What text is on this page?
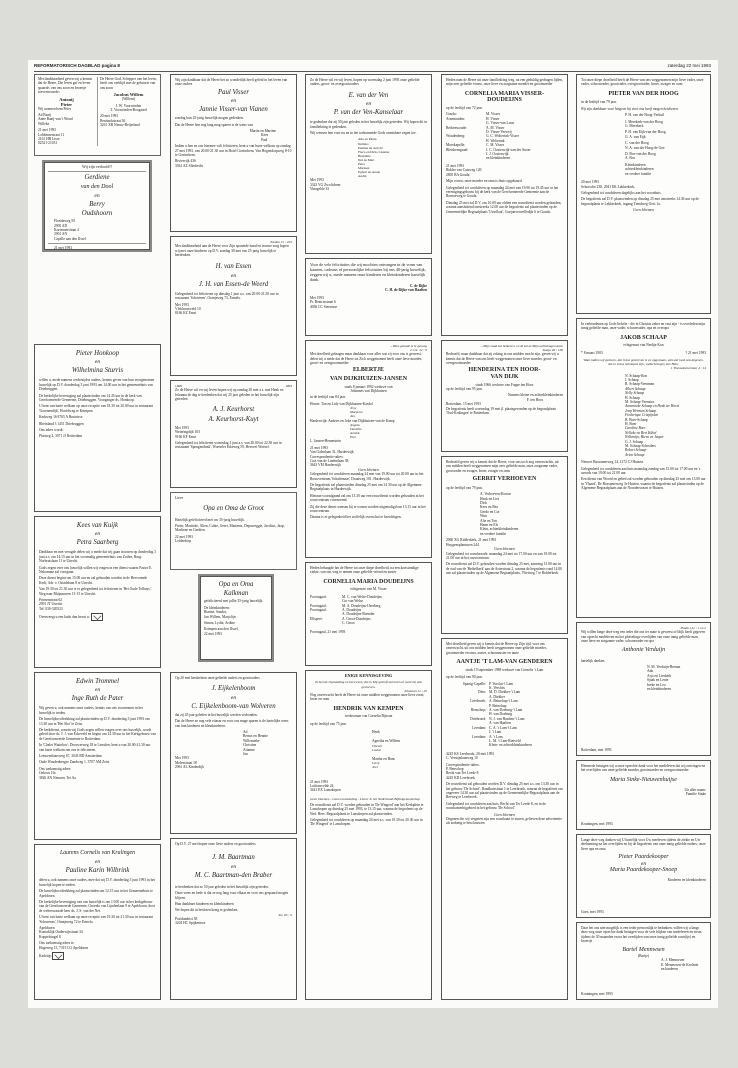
REFORMATORISCH DAGBLAD pagina 8	zaterdag 22 mei 1993

Met dankbaarheid geven wij u kennis dat de Heere, Die leven gaf en leven spaarde, van ons zoon en broertje toevertrouwde:

Antonij
Pieter

Wij noemen hem Peter

Ad Baaij
Anne Baaij-van 't Woud
Willeke
21 mei 1993
Lobbensestraat 11
2161 HB Lisse
02521-21031

De Heere God, Schepper van het leven, heeft ons verblijd met de geboorte van ons zoon

Jacobus Willem
(Willem)
J. W. Voorwinden
T. Voorwinden-Boogaard
20 mei 1993
Bentinckstraat 36
3261 XB Nieuw-Beijerland
Wij zijn verloofd!!
Gerdiene
van den Dool
en
Berry
Oudshoorn
Floridaweg 59
2905 AD
Kortenaerstraat 4
2901 AN
Capelle aan den IJssel
21 mei 1993
Pieter Honkoop
en
Wilhelmina Sturris

willen u, mede namens wederzijdse ouders, kennis geven van hun voorgenomen huwelijk op D.V. donderdag 3 juni 1993 om 14.00 uur in het gemeentehuis van Driebruggen.

De kerkelijke bevestiging zal plaatsvinden om 14.45 uur in de kerk van Gereformeerde Gemeente, Driebruggen. Voorganger ds. Honkoop.

U bent van harte welkom op onze receptie van 18.30 tot 20.00 uur in restaurant 'Groenendijk', Hoofdweg te Krimpen.

Kerkweg 16 8765 A Bruinisse

Rheinland 3 1451 Driebruggen

Ons adres wordt:

Platweg 2, 3071 JJ Rotterdam

Kees van Kuijk
en
Petra Saarberg

Dankbaar en met vreugde delen wij u mede dat wij gaan trouwen op donderdag 3 juni a.s. om 14.15 uur in het voormalig gemeentehuis van Zuilen, Burg. Norbruislaan 11 te Utrecht.

Gods zegen over ons huwelijk willen wij vragen in een dienst waarin Pastor E. Nekomme zal voorgaan.

Deze dienst begint om 15.00 uur en zal gehouden worden in de Hervormde Kerk, Adr. v. Ostadelaan 8 te Utrecht.

Van 19.30 tot 21.30 uur is er gelegenheid tot feliciteren in 'Het Oude Tolhuys', Weg naar Rhijnauwen 13-15 te Utrecht.

Prinsenstraat 62
2991 JT Utrecht

Tel. 030-320523

Overweegt u een kado dan bevat u:
Edwin Trommel
en
Inge Ruth de Pater

Wij geven u, ook namens onze ouders, kennis van ons voornemen in het huwelijk te treden.

De huwelijksvoltrekking zal plaatsvinden op D.V. donderdag 3 juni 1993 om 13.30 uur in 'Het Slot' te Zeist.

De kerkdienst, waarin wij Gods zegen willen vragen over ons huwelijk, wordt geleid door ds. J. J. van Eckeveld en begint om 14.30 uur in het Kerkgebouw van de Gereformeerde Gemeente te Rotterdam.

In 'Chalet Wattelow', Doorwerweg 18 te Leusden, bent u van 20.00-21.30 uur van harte welkom om ons te feliciteren.

Leeuwenlaarsweg 67, 3043 BD Amsterdam

Oude Woudenbergse Zandweg 1, 3707 AM Zeist

Ons toekomstig adres:
Oekoos 16c
3826 AN Nieuwer Ter Aa
Laurens Cornelis van Kralingen
en
Pauline Karin Wilbrink

delen u, ook namens onze ouders, mee dat wij D.V. donderdag 3 juni 1993 in het huwelijk hopen te treden.

De huwelijksvoltrekking zal plaatsvinden om 12.15 uur in het Gemeentehuis te Apeldoorn.

De kerkelijke bevestiging van ons huwelijk is om 13.00 uur in het kerkgebouw van de Gereformeerde Gemeente, Groenlo van Lijndenlaan 9 te Apeldoorn, door de weleerwaarde heer ds. J. S. van der Net.

U bent van harte welkom op onze receptie van 19.30 tot 21.30 uur in restaurant 'Schavenes', Oranjeweg 72 te Ermelo.

Apeldoorn:
Koninklijk Onderwijsstraat 34

Koppelsingel 8

Ons toekomstig adres is:
Hogeweg 15, 7315 CG Apeldoorn
Kadotip:

Wij zijn dankbaar dat de Heere het zo wonderlijk heeft geleid in het leven van onze ouders

Paul Visser
en
Jannie Visser-van Vianen

zondag hun 25-jarig huwelijk mogen gedenken.

Dat de Heere hen nog lang mag sparen is de wens van

Martin en Martine
Kees
Paul

Indien u hen en ons hiermee wilt feliciteren, bent u van harte welkom op zondag 27 mei 1993, van 20.00-21.30 uur in Hotel Gorinchem, Van Hogendorpweg 8-10 te Gorinchem.

Riviervijk 436
3361 AZ Sliedrecht
Emden 15 - 201

Met dankbaarheid aan de Heere voor Zijn sparende hand en trouwe zorg hopen wij met onze kinderen op D.V. zondag 30 mei ons 25-jarig huwelijk te herdenken.

H. van Essen
en
J. H. van Essen-de Weerd

Gelegenheid tot feliciteren op dinsdag 1 juni a.s. van 20.00-21.30 uur in restaurant 'Schaverm', Oranjeweg 73, Ermelo.

Mei 1993
Vlekhorstweld 10
8166 KZ Emst
1968	1993

Zo de Heere wil en wij leven hopen wij op zondag 30 mei a.s. met Henk en Johanna de dag te herdenken dat wij 25 jaar geleden in het huwelijk zijn getreden.

A. J. Keurhorst
A. Keurhorst-Kuyt
Mei 1993
Weteringdijk 103
9166 KF Emst

Gelegenheid tot feliciteren woensdag 2 juni a.s. van 20.00 tot 22.30 uur in restaurant 'Spengendonk', Woeseler Eikeweg 59, Heesvet Woesel.

Lieve
Opa en Oma de Groot

Hartelijk gefeliciteerd met uw 35-jarig huwelijk.

Pieter, Martieke, Alien, Cobie, Geert, Martiens, Depuweggie, Jacobus, Jaap, Marliene en Gerdien

22 mei 1993
Lelderdorp
Opa en Oma
Kalkman

gefeliciteerd met jullie 35-jarig huwelijk.

De kleinkinderen:
Rianne, Sandor,
Jan Willem, Marjolijn

Simon, Lydia, Ardine

Krimpen aan den IJssel,
22 mei 1993

Op 20 mei herdachten onze geliefde ouders en grootouders

J. Eijkelenboom
en
C. Eijkelenboom-van Wolveren

dat zij 45 jaar geleden in het huwelijk werden verbonden.

Dat de Heere ze nog vele eitasar en voor ons mage sparen is de hartelijke wens van hun kinderen en kleinkinderen.

Ad
Bertus en Hennie
Willemieke
Christine
Arianne
Jan
Mei 1993
Molenstraat 18
2961 AL Kinderdijk

Op D.V. 27 mei hopen onze lieve ouders en grootouders

J. M. Baartman
en
M. C. Baartman-den Braber

te herdenken dat zo 50 jaar geleden in het huwelijk zijn getreden.

Onze wens en bede is dat ze nog lang voor elkaar en voor ons gespaard mogen blijven.

Hun dankbare kinderen en kleinkinderen

We hopen dit in besloten kring te gedenken.
Jes. 63 : 9
Postdandrist 38
3204 HC Spijkenisse

Zo de Heere wil en wij leven, hopen op woensdag 2 juni 1993 onze geliefde ouders, groot- en overgrootouders

E. van der Ven
en
P. van der Ven-Kanselaar

te gedenken dat zij 50 jaar geleden in het huwelijk zijn getreden. Wij hopen dit in familiekring te gedenken.

Wij wensen hen voor nu en in het toekomende Gods onmisbare zegen toe.

Alie en Pleun
Nellsko
Pauline en Arnold
Fieca en Dick, Lisanne
Henriëtte
Nel en Mart
Petra
Marleen
Egbert en Arena
André
Mei 1993
3343 VG Zwolichem
Vinagelde 33

Voor de vele felicitaties die wij mochten ontvangen in de vorm van kaarten, cadeaus of persoonlijke felicitaties bij ons 40-jarig huwelijk, zeggen wij u, mede namens onze kinderen en kleinkinderen hartelijk dank.

C. de Rijke
C. H. de Rijke-van Haaften
Mei 1993
Pr. Beatrixstraat 6
4056 CC Steenisse
...Wien genade is te genoeg
2 Cor. 12 : 9

Met dreefheid gelaagen maar dankbaar voor alles wat zij voor ons is geweest, delen wij u mede dat de Heere tot Zich weggenomen heeft onze lieve moeder, groot- en overgrootmoeder

ELBERTJE
VAN DIJKHUIZEN-JANSEN
sinds 8 januari 1992 weduwe van
Johannes van Dijkhuizen

in de leeftijd van 84 jaar.

Hoorn: Ton en Lidy van Dijkhuizen-Kardol
Jeny
Margreet
Jan
Harderwijk: Andries en Joke van Dijkhuizen-van de Kamp
Angela
Danielle
Anniek
Elco
L. Jansen-Hennestein
21 mei 1993
Van Galenlaan 31, Harderwijk
Correspondentie-adres:
Cort van de Lindenlaan 38,
3643 VM Harderwijk
Geen bloemen

Gelegenheid tot condoleren maandag 24 mei van 19.00 uur tot 20.00 uur in het Rouwcentrum 'Schaftenaar', Draaiweg 101, Harderwijk.

De begrafenis zal plaatsvinden dinsdag 25 mei om 14.30 uur op de Algemene Begraafplaats in Harderwijk.

Hieraan voorafgaand zal om 13.30 uur een rouwdienst worden gehouden in het rouwcentrum voornoemd.

Zij die deze dienst wensen bij te wonen worden uitgenodigd om 13.15 uur in het rouwcentrum.

Daarna is er gelegenheid het stoffelijk overschot te bezichtigen.

Heden behaagde het de Heere tot onze diepe droefheid, na een kortstondige ziekte, van ons weg te nemen onze geliefde vriend en zuster

CORNELIA MARIA DOUDEIJNS
echtgenote van M. Visser
Poortugaal:	M. C. van Welse-Doudeijns
Cor van Welse
Poortugaal:	M. A. Doudeijns-IJzerberg
Poortugaal:	A. Doudeijns
A. Doudeijns-Boender
Ellspeet:	A. Groot-Doudeijns
C. Groot
Poortugaal, 21 mei 1993
ENIGE KENNISGEVING
Ik ben de Opstanding en het Leven; die in Mij gelooft zal leven al ware hij ook gestorven.
Johannes 11 : 25

Nog onverwacht heeft de Heere tot onze midden weggenomen onze lieve zoon, broer en oom

HENDRIK VAN KEMPEN
weduwnaar van Cornelia Bijsson

op de leeftijd van 75 jaar.

Henk
Agnetha en Willem
Vincent
Louise
Martha en Hans
Leroy
Joel
21 mei 1993
Luifonsvelde 24,
3441 EX Lansdorpen

Geen bloemen - Geen rouwkleding - Liever in het Nederlands Bijbelgenootschap

De rouwdienst zal D.V. worden gehouden in 'De Wingerd' aan het Kerkplein te Lansdorpen op dinsdag 25 mei 1993, te 13.15 uur, waarna de begrafenis op de Ned. Herv. Begraafplaats te Lansdorpen zal plaatsvinden.

Gelegenheid tot condoleren op maandag 24 mei a.s. van 19.30 tot 20.30 uur in 'De Wingerd' te Lansdorpen.

Heden nam de Heere uit onze familiekring weg, na een geduldig gedragen lijden, mijn zeer geliefde vrouw, onze lieve en zorgzame moeder en grootmoeder

CORNELIA MARIA VISSER-
DOUDEIJNS

op de leeftijd van 72 jaar.

Gouda:	M. Visser
Arnemuiden:	H. Visser
G. Visser-van Loon
Berkenwoude:	A. M. Visser
D. Visser-Verweij
Woudenberg:	G. C. Wolterink-Visser
H. Wolterink
Moerkapelle:	C. M. Visser
Bleiskensgraaf:	J. C. Oosterwijk-van der Snoer
J. J. Oosterwijk
en kleinkinderen
21 mei 1993
Ridder van Catsweg 120
2805 BA Gouda

Mijn vrouw, onze moeder en oma is thuis opgebaard.

Gelegenheid tot condoleren op maandag 24 mei van 19.00 tot 19.45 uur in het verenigingsgebouw bij de kerk van de Gereformeerde Gemeente aan de Ronsseweg te Gouda.

Dinsdag 25 mei zal D.V. om 10.00 uur eldien een rouwdienst worden gehouden, waarna aansluitend omstreeks 12.00 uur de begrafenis zal plaatsvinden op de Gemeentelijke Begraafplaats 'Ussellaut', Goejanverwelledijk 6 te Gouda.

...Mijn vaad zal helkeven, en Ik zal al Mijn welbehagen doen
Jesaja 46 : 10b

Bedroefd, maar dankbaar dat zij zolang in ons midden mocht zijn, geven wij u kennis dat de Heere van ons heeft weggenomen onze lieve moeder, groot- en overgrootmoeder

HENDERINA TEN HOOR-
VAN DIJK
sinds 1966 weduwe van Foppe ten Hoor

op de leeftijd van 95 jaar.

Namens kleine en achterkleinkinderen
F. ten Hoor
Rotterdam, 15 mei 1993

De begrafenis heeft woensdag 19 mei jl. plaatsgevonden op de begraafplaats 'Oud-Kralingen' te Rotterdam.

Bedroefd geven wij u kennis dat de Heere, voor ons toch nog onverwachts, uit ons midden heeft weggenomen mijn zeer geliefde man, onze zorgzame vader, grootvader en zwager, broer, zwager en oom

GERRIT VERHOEVEN

op de leeftijd van 79 jaar.

A. Verhoeven-Kooiar
Henk en Lies
Dick
Kees en Bea
Gerdo en Cor
Wim
Alie en Ton
Harm en Els
Klein, achterkleinkinderen
en verdere familie
2960 XG Ridderkerk, 21 mei 1993
Huygensplantsoen 244
Geen bloemen

Gelegenheid tot rouwbezoek: maandag 24 mei tot 17.00 uur en van 19.00 tot 21.00 uur in het rouwcentrum.

De rouwdienst zal D.V. gehouden worden dinsdag 25 mei, aanvang 13.00 uur in de oud van de 'Bethelkerk' aan de Asterstraat 2, waarna de begrafenis rond 14.00 uur zal plaatsvinden op de Algemene Begraafplaats, Vlietweg 7 te Ridderkerk.

Met droefheid geven wij u kennis dat de Heere op Zijn tijd, voor ons onverwacht, uit ons midden heeft weggenomen onze geliefde moeder, grootmoeder en oma, zuster, schoonzuster en tante

AANTJE 'T LAM-VAN GENDEREN
sinds 19 september 1988 weduwe van Cornelis 't Lam

op de leeftijd van 90 jaar.

Spanig-Capelle: P. Vorslui-'t Lam
K. Verslois
Dieu: M. D. Diekker-'t Lam
A. Diekker
Leerbroek: A. Beinohup-'t Lam
P. Beinohup
Benschop: A. van Doeburg-'t Lam
H. van Doeburg
Driebrond: N. J. van Haaften-'t Lam
A. van Haaften
Leerdam: C. A. 't Lam-'t Lam
J. 't Lam
Leerdam: A. 't Lam
L. M. 't Lam-Rietveld
Klein- en achterkleinkinderen
4245 KS Leerbroek, 20 mei 1993
C. Verstijnlaanweg 10
Correspondentie-adres:
P. Benschop
Recht van Ter Leede 8
4245 KD Leerbroek

De rouwdienst zal gehouden worden D.V. dinsdag 25 mei a.s. om 13.30 uur in het gebouw 'De Schoof', Raadhuisstraat 1 te Leerbroek, waarna de begrafenis om ongeveer 14.30 uur zal plaatsvinden op de Gemeentelijke Begraafplaats aan de Reeweg te Leerbroek.

Gelegenheid tot condoleren aan huis, Recht van Ter Leede 8, en in de rouwkamerbijgebied in het gebouw 'De Schoof'.

Geen bloemen

Degenen die wij vergeten zijn een rouwkaart te sturen, gelieven deze advertentie als zodanig te beschouwen.

Tot onze diepe droefheid heeft de Heere van ons weggenomen mijn lieve vader, onze vader, schoonvader, grootvader, overgrootvader, broer, zwager en oom

PIETER VAN DER HOOG

in de leeftijd van 79 jaar.

Wij zijn dankbaar voor hetgeen hij voor ons heeft mogen betekenen.

P. H. van der Hoog-Verkuil
J. Meerkerk-van der Hoog
G. Meerkerk
P. H. van Eijk-van der Hoog
G. A. van Eijk
C. van der Hoog
N. A. van der Hoog-de Goe
D. Bos-van der Hoog
A. Bos
Kleinkinderen
achterkleinkinderen
en verdere familie
20 mei 1993

Schorsche 238, 2941 EK Lekkerkerk.

Gelegenheid tot condoleren dagelijks aan het woonhuis.

De begrafenis zal D.V. plaatsvinden op dinsdag 25 mei omstreeks 14.30 uur op de begraafplaats te Lekkerkerk, ingang Tiendweg Oost 1a.

Geen bloemen

In verbondenen op Gods belofte - die in Christus zeker en vast zijn - is overleden mijn innig geliefde man, onze vader, schoonvader, opa en overopa

JAKOB SCHAAP
echtgenoot van Neeltje Kon
* 8 maart 1903	† 21 mei 1993
Want indien wij geloven, dat Jezus gestorven is en opgestaan, alzo zal God ook degenen, die in Jezus ontslapen zijn, wederbrengen met Hem.
1 Thessalonicenzen 4 : 14
N. Schaap-Kon
J. Schaap
R. Schaap-Veenman
Albert Schaap
Nelly Schaap
H. Schaap
M. Schaap-Veenstra
Annemieke Schaap en Henk ter Horst
Joop Herman Schaap
Frederique Crispijnlen
B. Boer-Schaap
H. Boer
Caroline Boer
Nelleke en Bert Kükel
Willemijn, Hiern en Jasper
G. J. Schaap
M. Schaap-Schroders
Robert Schaap
Arien Schaap

Nieuwe Bussumerweg 14, 1272 CJ Huizen.

Gelegenheid tot condoleren aan huis maandag zondag van 15.00 tot 17.00 uur en 's avonds van 19.00 tot 21.00 uur.

Een dienst van Woord en gebed zal worden gehouden op dinsdag 25 mei om 13.00 uur in 'Vlaard', De Bussumerweg 3e Huizen, waarna de begrafenis zal plaatsvinden op de Algemene Begraafplaats aan de Noordersvaart te Huizen.

Psalm 121 : 1 en 2

Wij willen lange deze weg een ieder die ons ter mate is geweest of blijk heeft gegeven van oprecht medeleven na het plotselinge overlijden van onze innig geliefde man, onze lieve en zorgzame vader, schoonvader en opa

Anthonie Verduijn

hartelijk danken.

N. M. Verduijn-Brenan
Ank
Arjo en Liesbeth
Sjaak en Lenie
Ineke en Leo
en kleinkinderen
Rotterdam, mei 1993

Hiermede betuigen wij u onze oprechte dank voor het medeleven dat wij ontvingen na het overlijden van onze geliefde moeder, grootmoeder en overgrootmoeder

Maria Sinke-Nieuwenhuijse
Uit aller naam:
Familie Sinke
Kruiningen, mei 1993

Lange deze weg danken wij U hartelijk voor Uw meeleven tijdens de ziekte en Uw deelneming na het overlijden en bij de begrafenis van onze innig geliefde ouders, onze lieve opa en oma

Pieter Paardekooper
en
Maria Paardekooper-Snoep
Kinderen en kleinkinderen
Goes, mei 1993

Daar het ons niet mogelijk is een ieder persoonlijk te bedanken, willen wij u langs deze weg onze oprechte dank betuigen voor de vele blijken van medeleven en steun tijdens de 30 maanden en na het overlijden van onze innig geliefde zoon(tje) en broertje

Bartel Mennwsen
(Bartje)
A. J. Mennwsen
E. Mennwsen-de Krolmie
en kinderen
Kruiningen, mei 1993
